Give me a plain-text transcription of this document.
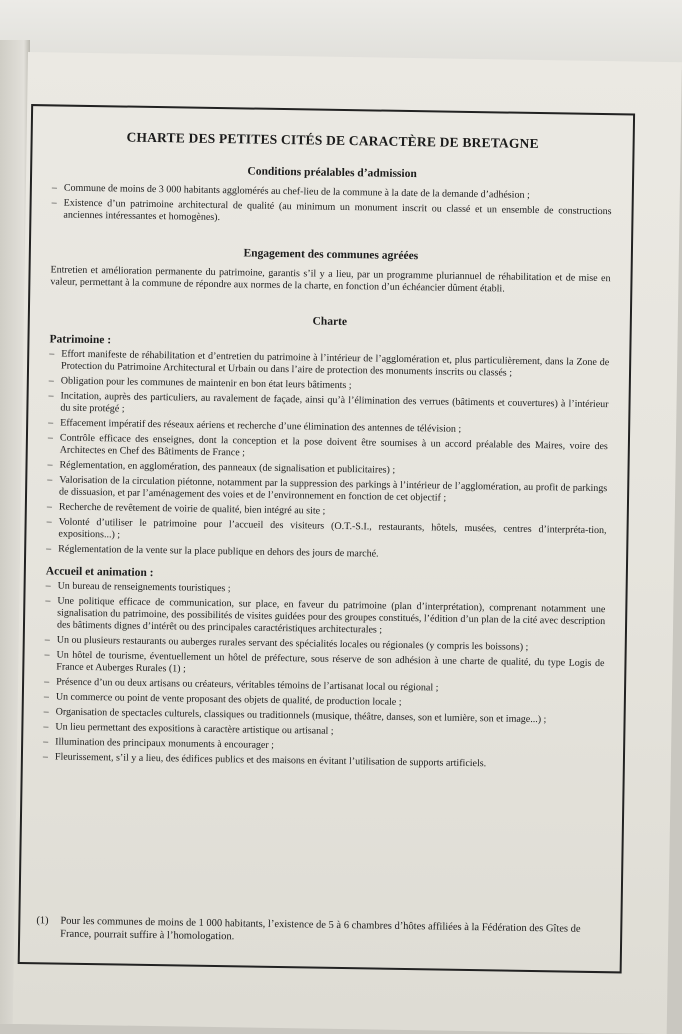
CHARTE DES PETITES CITÉS DE CARACTÈRE DE BRETAGNE
Conditions préalables d’admission
– Commune de moins de 3 000 habitants agglomérés au chef-lieu de la commune à la date de la demande d’adhésion ;
– Existence d’un patrimoine architectural de qualité (au minimum un monument inscrit ou classé et un ensemble de constructions anciennes intéressantes et homogènes).
Engagement des communes agréées

Entretien et amélioration permanente du patrimoine, garantis s’il y a lieu, par un programme pluriannuel de réhabilitation et de mise en valeur, permettant à la commune de répondre aux normes de la charte, en fonction d’un échéancier dûment établi.

Charte
Patrimoine :
– Effort manifeste de réhabilitation et d’entretien du patrimoine à l’intérieur de l’agglomération et, plus particulièrement, dans la Zone de Protection du Patrimoine Architectural et Urbain ou dans l’aire de protection des monuments inscrits ou classés ;
– Obligation pour les communes de maintenir en bon état leurs bâtiments ;
– Incitation, auprès des particuliers, au ravalement de façade, ainsi qu’à l’élimination des verrues (bâtiments et couvertures) à l’intérieur du site protégé ;
– Effacement impératif des réseaux aériens et recherche d’une élimination des antennes de télévision ;
– Contrôle efficace des enseignes, dont la conception et la pose doivent être soumises à un accord préalable des Maires, voire des Architectes en Chef des Bâtiments de France ;
– Réglementation, en agglomération, des panneaux (de signalisation et publicitaires) ;
– Valorisation de la circulation piétonne, notamment par la suppression des parkings à l’intérieur de l’agglomération, au profit de parkings de dissuasion, et par l’aménagement des voies et de l’environnement en fonction de cet objectif ;
– Recherche de revêtement de voirie de qualité, bien intégré au site ;
– Volonté d’utiliser le patrimoine pour l’accueil des visiteurs (O.T.-S.I., restaurants, hôtels, musées, centres d’interpréta-tion, expositions...) ;
– Réglementation de la vente sur la place publique en dehors des jours de marché.
Accueil et animation :
– Un bureau de renseignements touristiques ;
– Une politique efficace de communication, sur place, en faveur du patrimoine (plan d’interprétation), comprenant notamment une signalisation du patrimoine, des possibilités de visites guidées pour des groupes constitués, l’édition d’un plan de la cité avec description des bâtiments dignes d’intérêt ou des principales caractéristiques architecturales ;
– Un ou plusieurs restaurants ou auberges rurales servant des spécialités locales ou régionales (y compris les boissons) ;
– Un hôtel de tourisme, éventuellement un hôtel de préfecture, sous réserve de son adhésion à une charte de qualité, du type Logis de France et Auberges Rurales (1) ;
– Présence d’un ou deux artisans ou créateurs, véritables témoins de l’artisanat local ou régional ;
– Un commerce ou point de vente proposant des objets de qualité, de production locale ;
– Organisation de spectacles culturels, classiques ou traditionnels (musique, théâtre, danses, son et lumière, son et image...) ;
– Un lieu permettant des expositions à caractère artistique ou artisanal ;
– Illumination des principaux monuments à encourager ;
– Fleurissement, s’il y a lieu, des édifices publics et des maisons en évitant l’utilisation de supports artificiels.
(1) Pour les communes de moins de 1 000 habitants, l’existence de 5 à 6 chambres d’hôtes affiliées à la Fédération des Gîtes de France, pourrait suffire à l’homologation.
